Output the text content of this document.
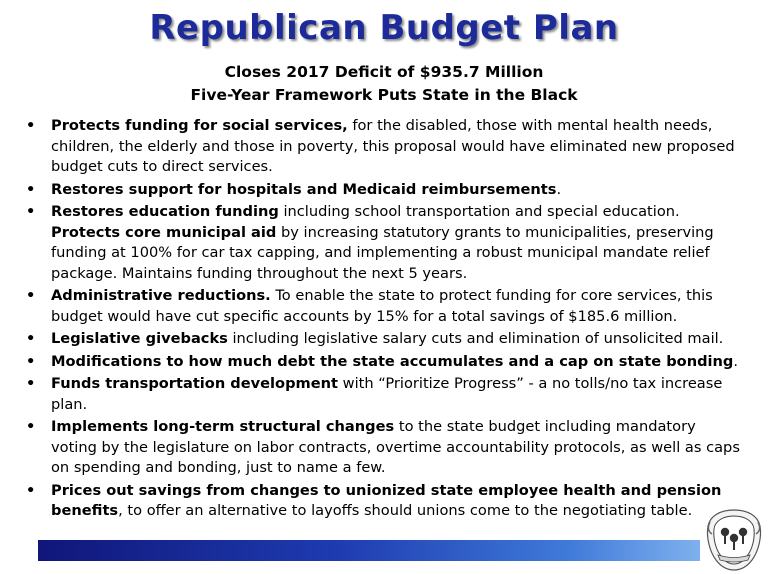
Republican Budget Plan
Closes 2017 Deficit of $935.7 Million
Five-Year Framework Puts State in the Black
• Protects funding for social services, for the disabled, those with mental health needs, children, the elderly and those in poverty, this proposal would have eliminated new proposed budget cuts to direct services.
• Restores support for hospitals and Medicaid reimbursements.
• Restores education funding including school transportation and special education.
Protects core municipal aid by increasing statutory grants to municipalities, preserving funding at 100% for car tax capping, and implementing a robust municipal mandate relief package. Maintains funding throughout the next 5 years.
• Administrative reductions. To enable the state to protect funding for core services, this budget would have cut specific accounts by 15% for a total savings of $185.6 million.
• Legislative givebacks including legislative salary cuts and elimination of unsolicited mail.
• Modifications to how much debt the state accumulates and a cap on state bonding.
• Funds transportation development with “Prioritize Progress” - a no tolls/no tax increase plan.
• Implements long-term structural changes to the state budget including mandatory voting by the legislature on labor contracts, overtime accountability protocols, as well as caps on spending and bonding, just to name a few.
• Prices out savings from changes to unionized state employee health and pension benefits, to offer an alternative to layoffs should unions come to the negotiating table.
